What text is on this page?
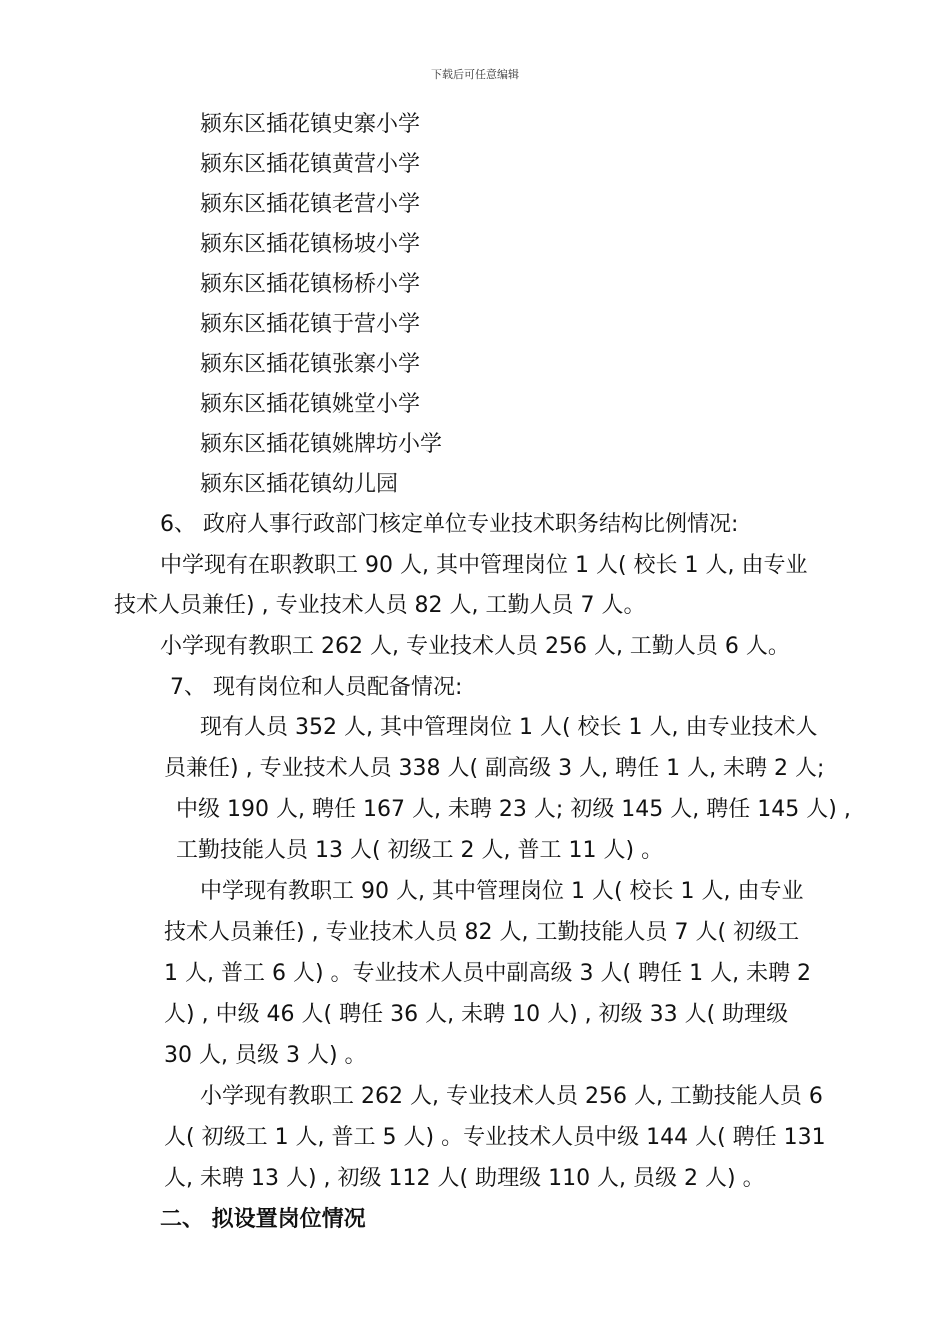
下载后可任意编辑
颍东区插花镇史寨小学
颍东区插花镇黄营小学
颍东区插花镇老营小学
颍东区插花镇杨坡小学
颍东区插花镇杨桥小学
颍东区插花镇于营小学
颍东区插花镇张寨小学
颍东区插花镇姚堂小学
颍东区插花镇姚牌坊小学
颍东区插花镇幼儿园
6、 政府人事行政部门核定单位专业技术职务结构比例情况:
中学现有在职教职工 90 人, 其中管理岗位 1 人( 校长 1 人, 由专业
技术人员兼任) , 专业技术人员 82 人, 工勤人员 7 人。
小学现有教职工 262 人, 专业技术人员 256 人, 工勤人员 6 人。
7、 现有岗位和人员配备情况:
现有人员 352 人, 其中管理岗位 1 人( 校长 1 人, 由专业技术人
员兼任) , 专业技术人员 338 人( 副高级 3 人, 聘任 1 人, 未聘 2 人;
中级 190 人, 聘任 167 人, 未聘 23 人; 初级 145 人, 聘任 145 人) ,
工勤技能人员 13 人( 初级工 2 人, 普工 11 人) 。
中学现有教职工 90 人, 其中管理岗位 1 人( 校长 1 人, 由专业
技术人员兼任) , 专业技术人员 82 人, 工勤技能人员 7 人( 初级工
1 人, 普工 6 人) 。专业技术人员中副高级 3 人( 聘任 1 人, 未聘 2
人) , 中级 46 人( 聘任 36 人, 未聘 10 人) , 初级 33 人( 助理级
30 人, 员级 3 人) 。
小学现有教职工 262 人, 专业技术人员 256 人, 工勤技能人员 6
人( 初级工 1 人, 普工 5 人) 。专业技术人员中级 144 人( 聘任 131
人, 未聘 13 人) , 初级 112 人( 助理级 110 人, 员级 2 人) 。
二、 拟设置岗位情况
